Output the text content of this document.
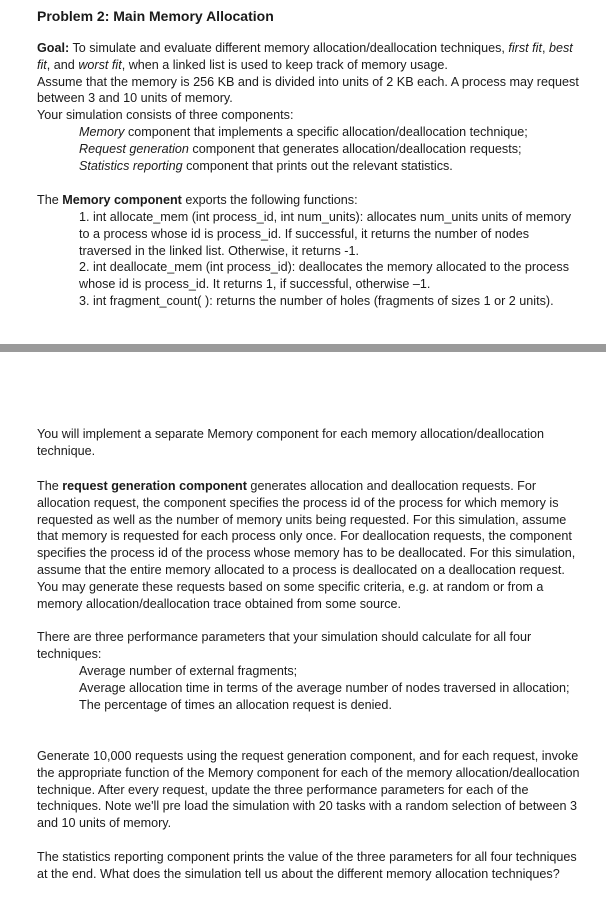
Problem 2: Main Memory Allocation

Goal: To simulate and evaluate different memory allocation/deallocation techniques, first fit, best fit, and worst fit, when a linked list is used to keep track of memory usage.

Assume that the memory is 256 KB and is divided into units of 2 KB each. A process may request between 3 and 10 units of memory.

Your simulation consists of three components:

Memory component that implements a specific allocation/deallocation technique;

Request generation component that generates allocation/deallocation requests;

Statistics reporting component that prints out the relevant statistics.

The Memory component exports the following functions:

1. int allocate_mem (int process_id, int num_units): allocates num_units units of memory to a process whose id is process_id. If successful, it returns the number of nodes traversed in the linked list. Otherwise, it returns -1.

2. int deallocate_mem (int process_id): deallocates the memory allocated to the process whose id is process_id. It returns 1, if successful, otherwise –1.

3. int fragment_count( ): returns the number of holes (fragments of sizes 1 or 2 units).

You will implement a separate Memory component for each memory allocation/deallocation technique.

The request generation component generates allocation and deallocation requests. For allocation request, the component specifies the process id of the process for which memory is requested as well as the number of memory units being requested. For this simulation, assume that memory is requested for each process only once. For deallocation requests, the component specifies the process id of the process whose memory has to be deallocated. For this simulation, assume that the entire memory allocated to a process is deallocated on a deallocation request. You may generate these requests based on some specific criteria, e.g. at random or from a memory allocation/deallocation trace obtained from some source.

There are three performance parameters that your simulation should calculate for all four techniques:

Average number of external fragments;

Average allocation time in terms of the average number of nodes traversed in allocation;

The percentage of times an allocation request is denied.

Generate 10,000 requests using the request generation component, and for each request, invoke the appropriate function of the Memory component for each of the memory allocation/deallocation technique. After every request, update the three performance parameters for each of the techniques. Note we'll pre load the simulation with 20 tasks with a random selection of between 3 and 10 units of memory.
The statistics reporting component prints the value of the three parameters for all four techniques at the end. What does the simulation tell us about the different memory allocation techniques?
